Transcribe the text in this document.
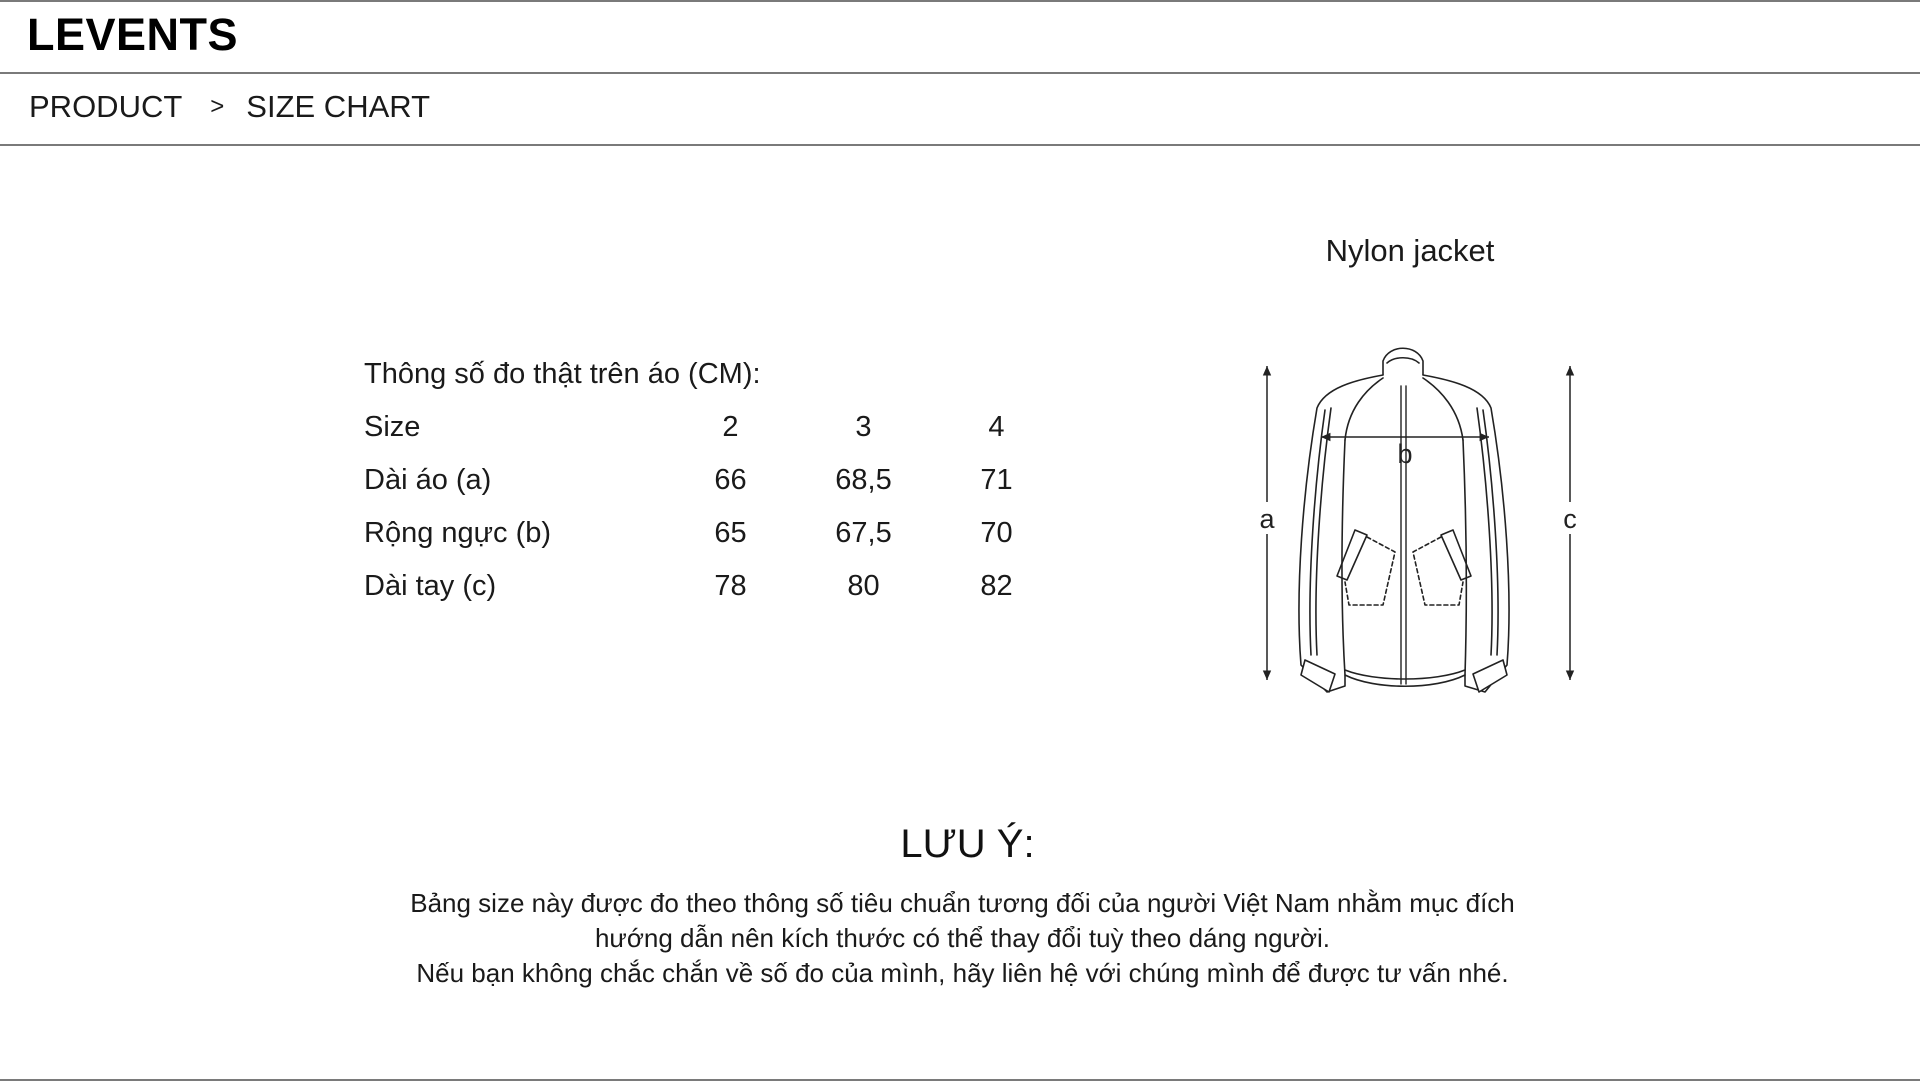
LEVENTS
PRODUCT > SIZE CHART
Thông số đo thật trên áo (CM):
Size	2	3	4
Dài áo (a)	66	68,5	71
Rộng ngực (b)	65	67,5	70
Dài tay (c)	78	80	82
Nylon jacket
a
b
c
LƯU Ý:
Bảng size này được đo theo thông số tiêu chuẩn tương đối của người Việt Nam nhằm mục đích
hướng dẫn nên kích thước có thể thay đổi tuỳ theo dáng người.
Nếu bạn không chắc chắn về số đo của mình, hãy liên hệ với chúng mình để được tư vấn nhé.
